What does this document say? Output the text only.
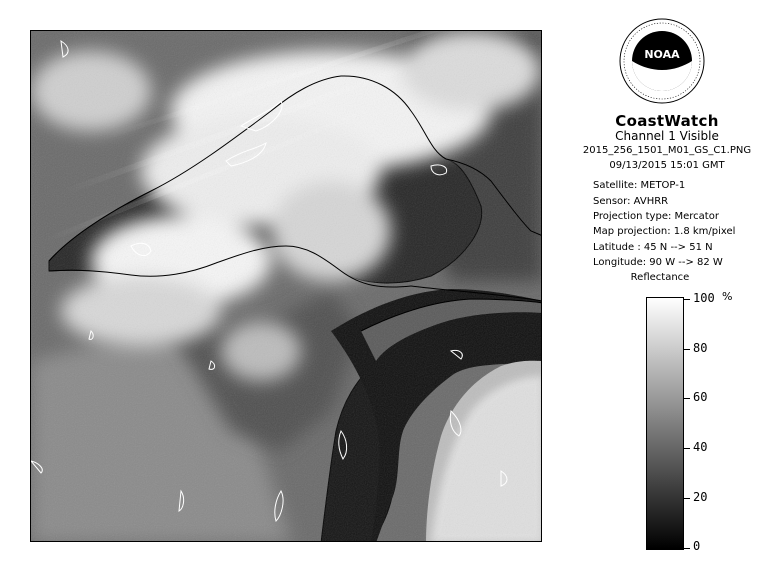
NOAA
CoastWatch
Channel 1 Visible
2015_256_1501_M01_GS_C1.PNG
09/13/2015 15:01 GMT
Satellite: METOP-1
Sensor: AVHRR
Projection type: Mercator
Map projection: 1.8 km/pixel
Latitude : 45 N --> 51 N
Longitude: 90 W --> 82 W
Reflectance
%
100
80
60
40
20
0
